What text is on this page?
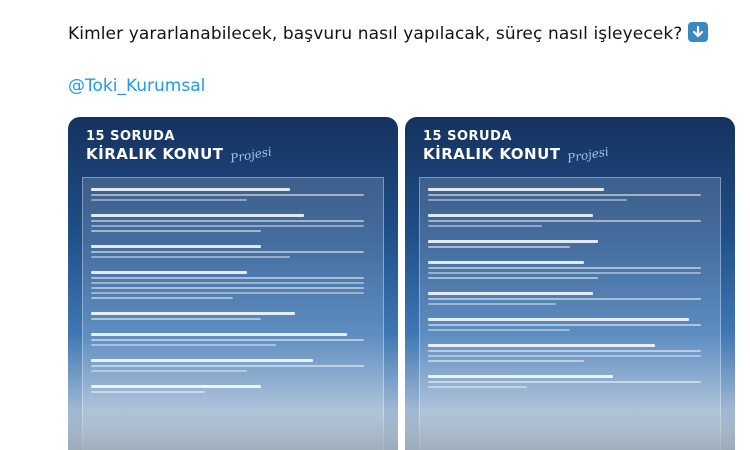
Kimler yararlanabilecek, başvuru nasıl yapılacak, süreç nasıl işleyecek?
@Toki_Kurumsal
15 SORUDA
KİRALIK KONUT Projesi
15 SORUDA
KİRALIK KONUT Projesi
